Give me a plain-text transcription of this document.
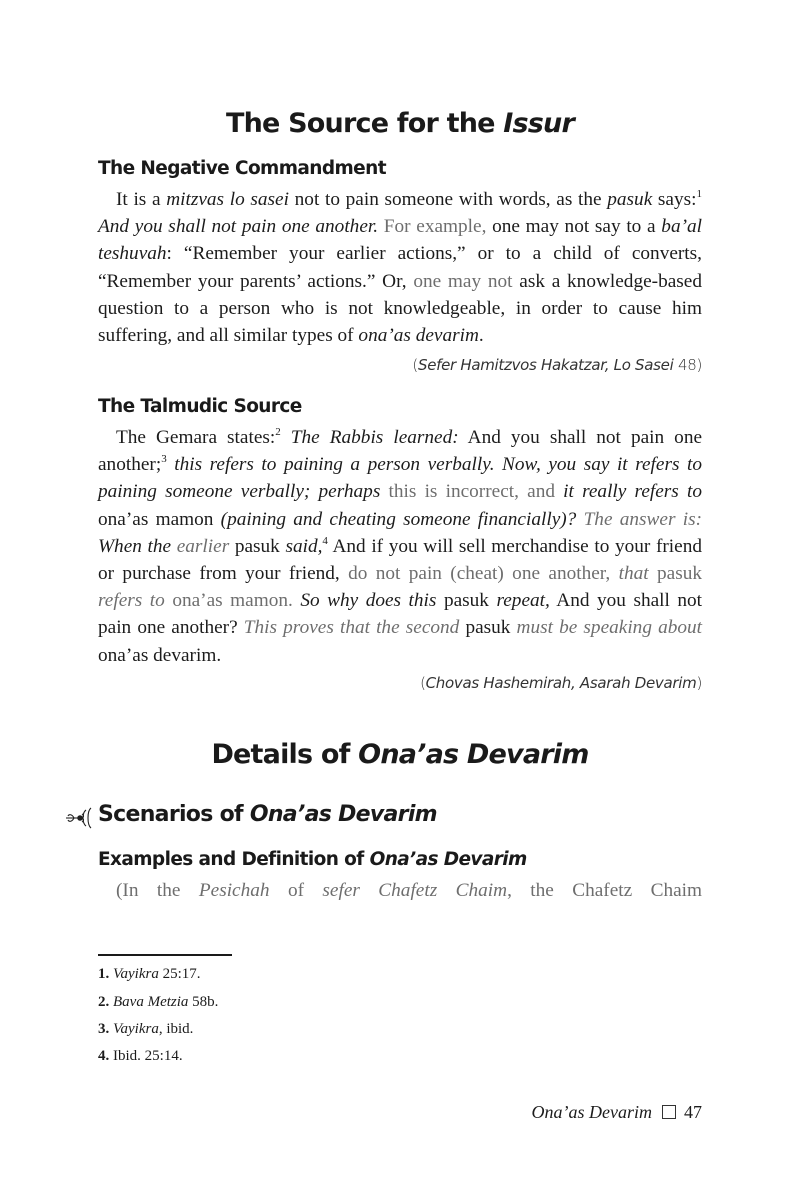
The Source for the Issur
The Negative Commandment
It is a mitzvas lo sasei not to pain someone with words, as the pasuk says:$^1$ And you shall not pain one another. For example, one may not say to a ba’al teshuvah: “Remember your earlier actions,” or to a child of converts, “Remember your parents’ actions.” Or, one may not ask a knowledge-based question to a person who is not knowledgeable, in order to cause him suffering, and all similar types of ona’as devarim.
(Sefer Hamitzvos Hakatzar, Lo Sasei 48)
The Talmudic Source
The Gemara states:$^2$ The Rabbis learned: And you shall not pain one another;$^3$ this refers to paining a person verbally. Now, you say it refers to paining someone verbally; perhaps this is incorrect, and it really refers to ona’as mamon (paining and cheating someone financially)? The answer is: When the earlier pasuk said,$^4$ And if you will sell merchandise to your friend or purchase from your friend, do not pain (cheat) one another, that pasuk refers to ona’as mamon. So why does this pasuk repeat, And you shall not pain one another? This proves that the second pasuk must be speaking about ona’as devarim.
(Chovas Hashemirah, Asarah Devarim)
Details of Ona’as Devarim
Scenarios of Ona’as Devarim
Examples and Definition of Ona’as Devarim
(In the Pesichah of sefer Chafetz Chaim, the Chafetz Chaim
1. Vayikra 25:17.
2. Bava Metzia 58b.
3. Vayikra, ibid.
4. Ibid. 25:14.
Ona’as Devarim 47
